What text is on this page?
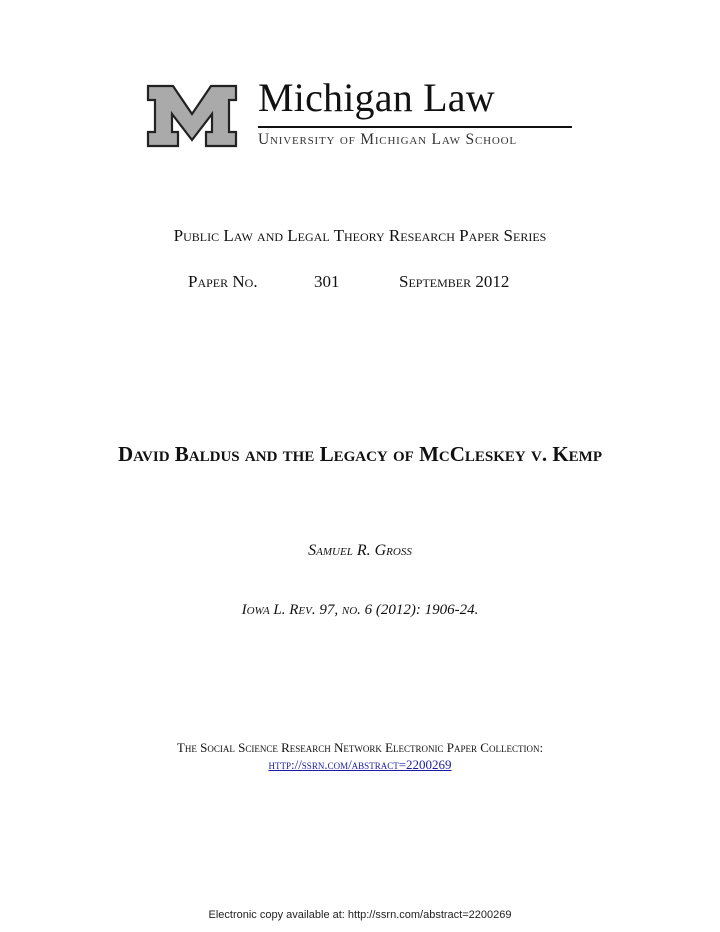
Michigan Law
University of Michigan Law School
Public Law and Legal Theory Research Paper Series
Paper No.	301	September 2012
David Baldus and the Legacy of McCleskey v. Kemp
Samuel R. Gross
Iowa L. Rev. 97, no. 6 (2012): 1906-24.
The Social Science Research Network Electronic Paper Collection:
http://ssrn.com/abstract=2200269
Electronic copy available at: http://ssrn.com/abstract=2200269
